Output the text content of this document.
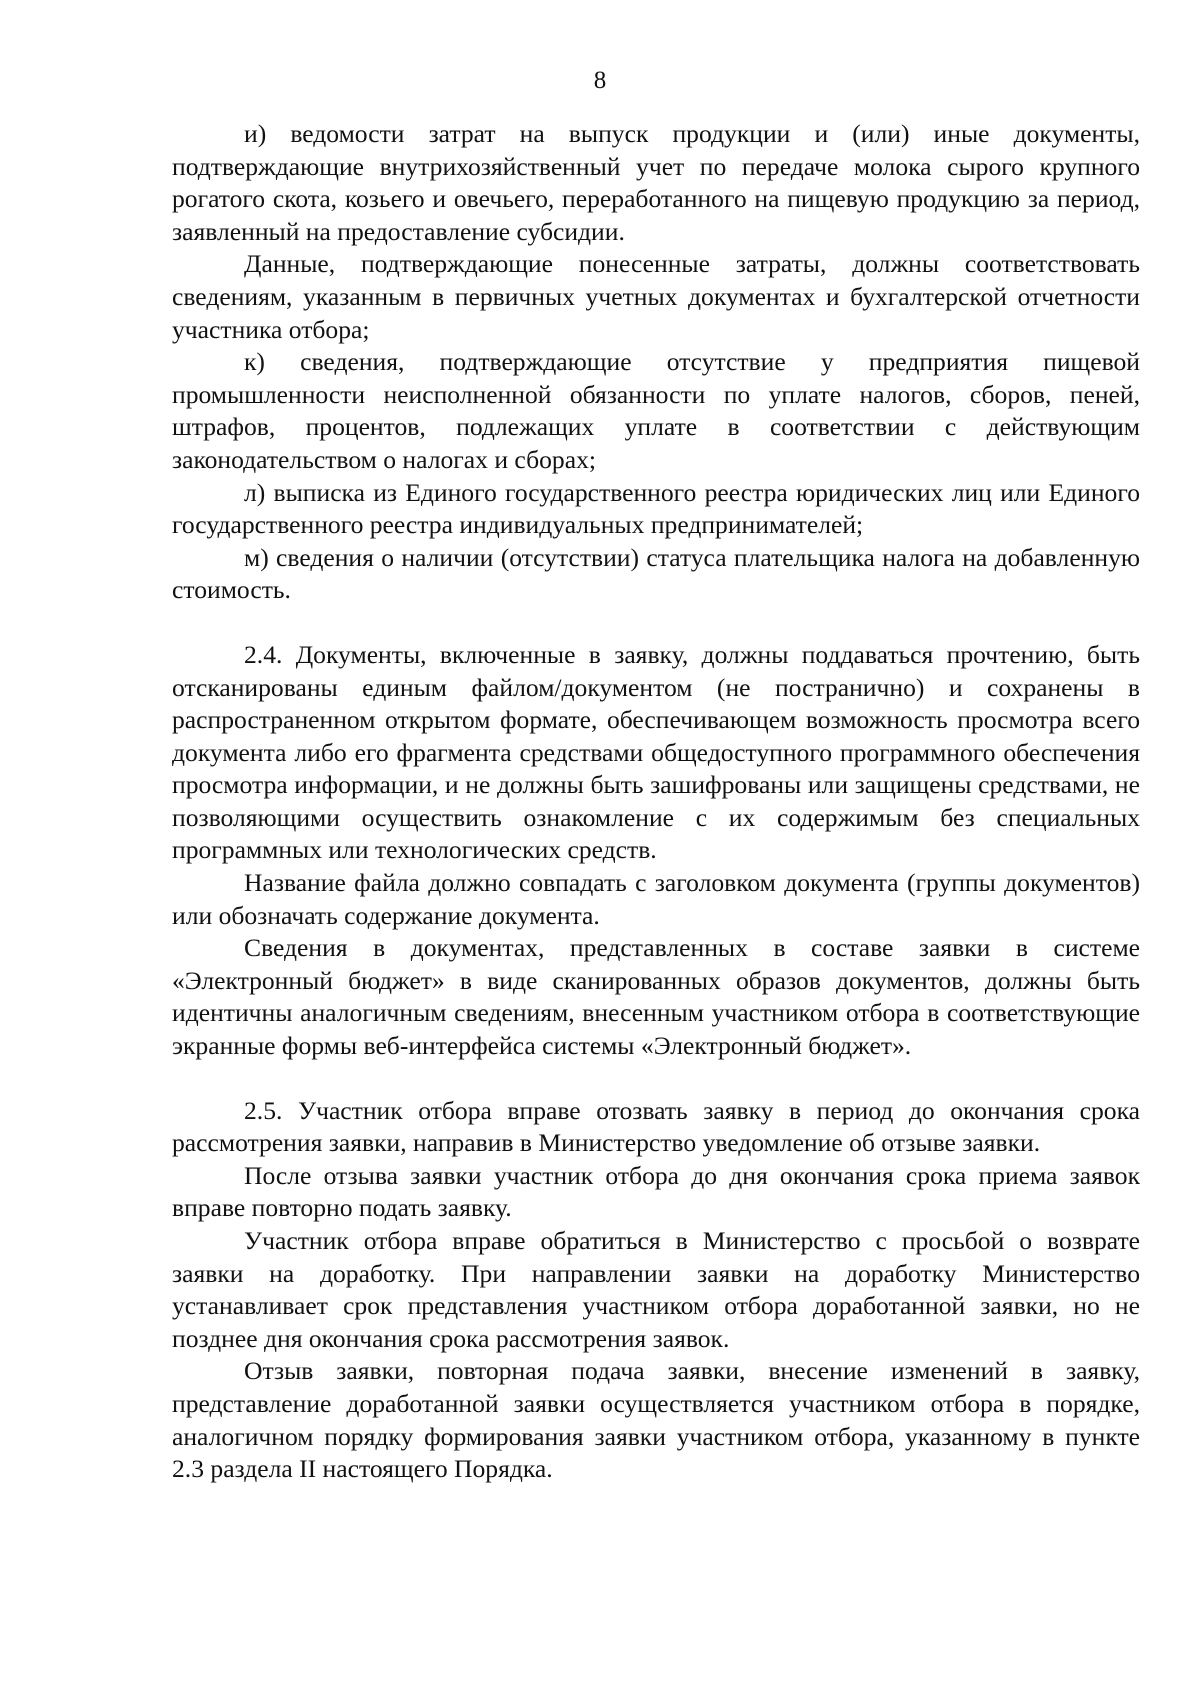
8

и) ведомости затрат на выпуск продукции и (или) иные документы, подтверждающие внутрихозяйственный учет по передаче молока сырого крупного рогатого скота, козьего и овечьего, переработанного на пищевую продукцию за период, заявленный на предоставление субсидии.

Данные, подтверждающие понесенные затраты, должны соответствовать сведениям, указанным в первичных учетных документах и бухгалтерской отчетности участника отбора;

к) сведения, подтверждающие отсутствие у предприятия пищевой промышленности неисполненной обязанности по уплате налогов, сборов, пеней, штрафов, процентов, подлежащих уплате в соответствии с действующим законодательством о налогах и сборах;

л) выписка из Единого государственного реестра юридических лиц или Единого государственного реестра индивидуальных предпринимателей;

м) сведения о наличии (отсутствии) статуса плательщика налога на добавленную стоимость.

2.4. Документы, включенные в заявку, должны поддаваться прочтению, быть отсканированы единым файлом/документом (не постранично) и сохранены в распространенном открытом формате, обеспечивающем возможность просмотра всего документа либо его фрагмента средствами общедоступного программного обеспечения просмотра информации, и не должны быть зашифрованы или защищены средствами, не позволяющими осуществить ознакомление с их содержимым без специальных программных или технологических средств.

Название файла должно совпадать с заголовком документа (группы документов) или обозначать содержание документа.

Сведения в документах, представленных в составе заявки в системе «Электронный бюджет» в виде сканированных образов документов, должны быть идентичны аналогичным сведениям, внесенным участником отбора в соответствующие экранные формы веб-интерфейса системы «Электронный бюджет».

2.5. Участник отбора вправе отозвать заявку в период до окончания срока рассмотрения заявки, направив в Министерство уведомление об отзыве заявки.

После отзыва заявки участник отбора до дня окончания срока приема заявок вправе повторно подать заявку.

Участник отбора вправе обратиться в Министерство с просьбой о возврате заявки на доработку. При направлении заявки на доработку Министерство устанавливает срок представления участником отбора доработанной заявки, но не позднее дня окончания срока рассмотрения заявок.

Отзыв заявки, повторная подача заявки, внесение изменений в заявку, представление доработанной заявки осуществляется участником отбора в порядке, аналогичном порядку формирования заявки участником отбора, указанному в пункте 2.3 раздела II настоящего Порядка.
